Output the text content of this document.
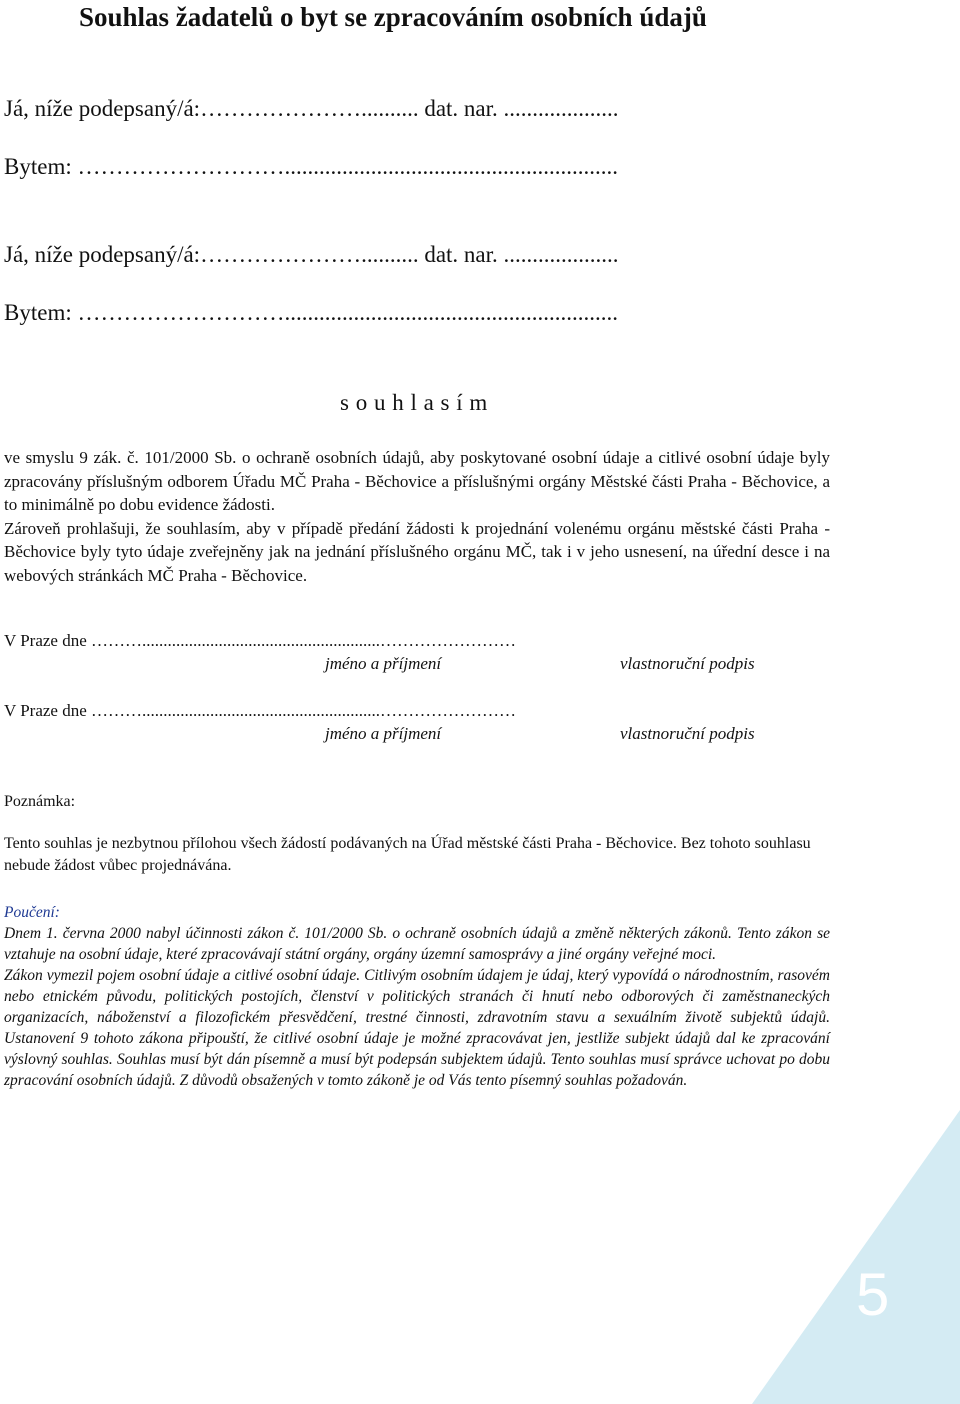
5
Souhlas žadatelů o byt se zpracováním osobních údajů
Já, níže podepsaný/á:………………….......... dat. nar. ....................
Bytem: ………………………..........................................................
Já, níže podepsaný/á:………………….......... dat. nar. ....................
Bytem: ………………………..........................................................
s o u h l a s í m

ve smyslu 9 zák. č. 101/2000 Sb. o ochraně osobních údajů, aby poskytované osobní údaje a citlivé osobní údaje byly zpracovány příslušným odborem Úřadu MČ Praha - Běchovice a příslušnými orgány Městské části Praha - Běchovice, a to minimálně po dobu evidence žádosti.

Zároveň prohlašuji, že souhlasím, aby v případě předání žádosti k projednání volenému orgánu městské části Praha - Běchovice byly tyto údaje zveřejněny jak na jednání příslušného orgánu MČ, tak i v jeho usnesení, na úřední desce i na webových stránkách MČ Praha - Běchovice.

V Praze dne ………........................................................……………………
jméno a příjmení	vlastnoruční podpis
V Praze dne ………........................................................……………………
jméno a příjmení	vlastnoruční podpis
Poznámka:
Tento souhlas je nezbytnou přílohou všech žádostí podávaných na Úřad městské části Praha - Běchovice. Bez tohoto souhlasu nebude žádost vůbec projednávána.
Poučení:

Dnem 1. června 2000 nabyl účinnosti zákon č. 101/2000 Sb. o ochraně osobních údajů a změně některých zákonů. Tento zákon se vztahuje na osobní údaje, které zpracovávají státní orgány, orgány územní samosprávy a jiné orgány veřejné moci.

Zákon vymezil pojem osobní údaje a citlivé osobní údaje. Citlivým osobním údajem je údaj, který vypovídá o národnostním, rasovém nebo etnickém původu, politických postojích, členství v politických stranách či hnutí nebo odborových či zaměstnaneckých organizacích, náboženství a filozofickém přesvědčení, trestné činnosti, zdravotním stavu a sexuálním životě subjektů údajů. Ustanovení 9 tohoto zákona připouští, že citlivé osobní údaje je možné zpracovávat jen, jestliže subjekt údajů dal ke zpracování výslovný souhlas. Souhlas musí být dán písemně a musí být podepsán subjektem údajů. Tento souhlas musí správce uchovat po dobu zpracování osobních údajů. Z důvodů obsažených v tomto zákoně je od Vás tento písemný souhlas požadován.
